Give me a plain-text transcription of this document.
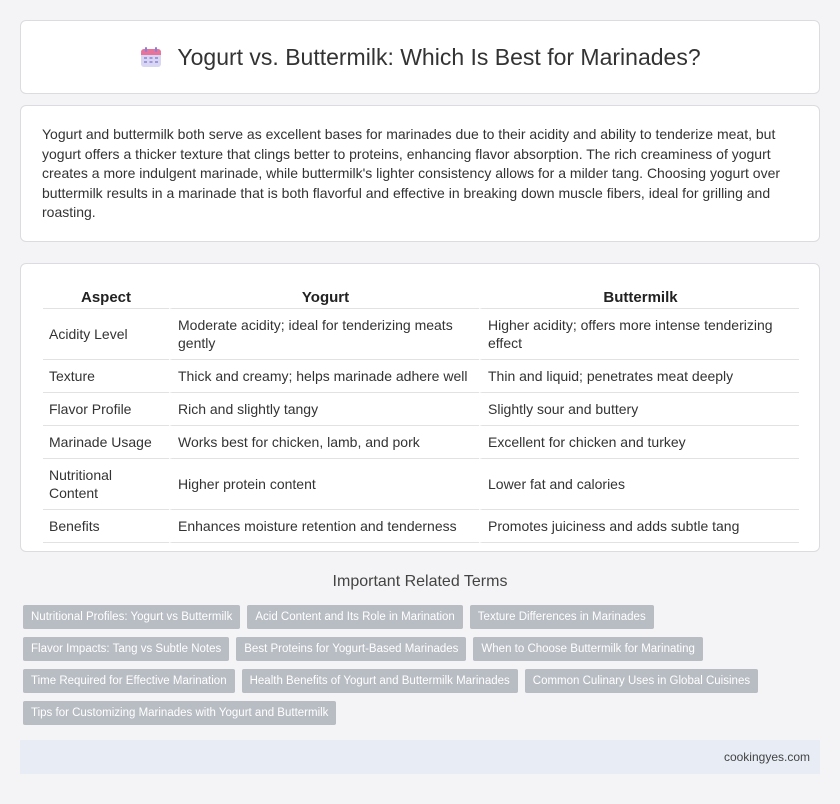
Yogurt vs. Buttermilk: Which Is Best for Marinades?

Yogurt and buttermilk both serve as excellent bases for marinades due to their acidity and ability to tenderize meat, but yogurt offers a thicker texture that clings better to proteins, enhancing flavor absorption. The rich creaminess of yogurt creates a more indulgent marinade, while buttermilk's lighter consistency allows for a milder tang. Choosing yogurt over buttermilk results in a marinade that is both flavorful and effective in breaking down muscle fibers, ideal for grilling and roasting.

Aspect	Yogurt	Buttermilk
Acidity Level	Moderate acidity; ideal for tenderizing meats gently	Higher acidity; offers more intense tenderizing effect
Texture	Thick and creamy; helps marinade adhere well	Thin and liquid; penetrates meat deeply
Flavor Profile	Rich and slightly tangy	Slightly sour and buttery
Marinade Usage	Works best for chicken, lamb, and pork	Excellent for chicken and turkey
Nutritional Content	Higher protein content	Lower fat and calories
Benefits	Enhances moisture retention and tenderness	Promotes juiciness and adds subtle tang
Important Related Terms
Nutritional Profiles: Yogurt vs Buttermilk	Acid Content and Its Role in Marination	Texture Differences in Marinades
Flavor Impacts: Tang vs Subtle Notes	Best Proteins for Yogurt-Based Marinades	When to Choose Buttermilk for Marinating
Time Required for Effective Marination	Health Benefits of Yogurt and Buttermilk Marinades	Common Culinary Uses in Global Cuisines
Tips for Customizing Marinades with Yogurt and Buttermilk
cookingyes.com
